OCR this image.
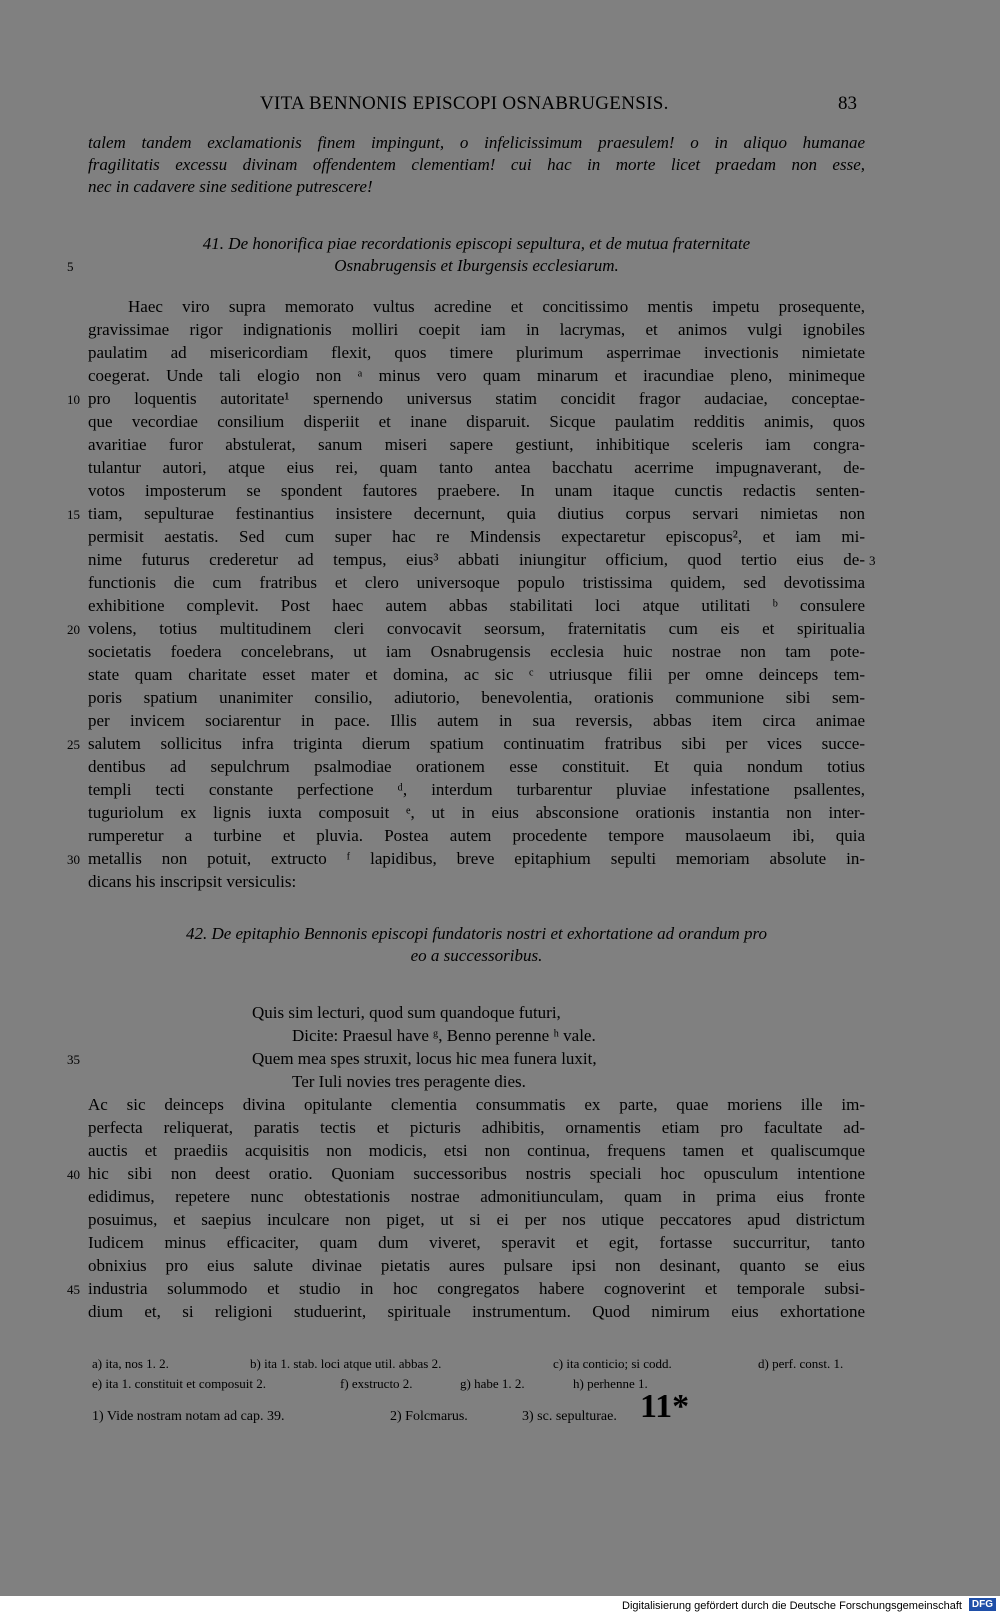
VITA BENNONIS EPISCOPI OSNABRUGENSIS.	83
talem tandem exclamationis finem impingunt, o infelicissimum praesulem! o in aliquo humanae
fragilitatis excessu divinam offendentem clementiam! cui hac in morte licet praedam non esse,
nec in cadavere sine seditione putrescere!
41. De honorifica piae recordationis episcopi sepultura, et de mutua fraternitate
Osnabrugensis et Iburgensis ecclesiarum.
5
Haec viro supra memorato vultus acredine et concitissimo mentis impetu prosequente,
gravissimae rigor indignationis molliri coepit iam in lacrymas, et animos vulgi ignobiles
paulatim ad misericordiam flexit, quos timere plurimum asperrimae invectionis nimietate
coegerat. Unde tali elogio non ᵃ minus vero quam minarum et iracundiae pleno, minimeque
pro loquentis autoritate¹ spernendo universus statim concidit fragor audaciae, conceptae-
10
que vecordiae consilium disperiit et inane disparuit. Sicque paulatim redditis animis, quos
avaritiae furor abstulerat, sanum miseri sapere gestiunt, inhibitique sceleris iam congra-
tulantur autori, atque eius rei, quam tanto antea bacchatu acerrime impugnaverant, de-
votos imposterum se spondent fautores praebere. In unam itaque cunctis redactis senten-
tiam, sepulturae festinantius insistere decernunt, quia diutius corpus servari nimietas non
15
permisit aestatis. Sed cum super hac re Mindensis expectaretur episcopus², et iam mi-
nime futurus crederetur ad tempus, eius³ abbati iniungitur officium, quod tertio eius de- 3
functionis die cum fratribus et clero universoque populo tristissima quidem, sed devotissima
exhibitione complevit. Post haec autem abbas stabilitati loci atque utilitati ᵇ consulere
volens, totius multitudinem cleri convocavit seorsum, fraternitatis cum eis et spiritualia
20
societatis foedera concelebrans, ut iam Osnabrugensis ecclesia huic nostrae non tam pote-
state quam charitate esset mater et domina, ac sic ᶜ utriusque filii per omne deinceps tem-
poris spatium unanimiter consilio, adiutorio, benevolentia, orationis communione sibi sem-
per invicem sociarentur in pace. Illis autem in sua reversis, abbas item circa animae
salutem sollicitus infra triginta dierum spatium continuatim fratribus sibi per vices succe-
25
dentibus ad sepulchrum psalmodiae orationem esse constituit. Et quia nondum totius
templi tecti constante perfectione ᵈ, interdum turbarentur pluviae infestatione psallentes,
tuguriolum ex lignis iuxta composuit ᵉ, ut in eius absconsione orationis instantia non inter-
rumperetur a turbine et pluvia. Postea autem procedente tempore mausolaeum ibi, quia
metallis non potuit, extructo ᶠ lapidibus, breve epitaphium sepulti memoriam absolute in-
30
dicans his inscripsit versiculis:
42. De epitaphio Bennonis episcopi fundatoris nostri et exhortatione ad orandum pro
eo a successoribus.
Quis sim lecturi, quod sum quandoque futuri,
Dicite: Praesul have ᵍ, Benno perenne ʰ vale.
Quem mea spes struxit, locus hic mea funera luxit,
35
Ter Iuli novies tres peragente dies.
Ac sic deinceps divina opitulante clementia consummatis ex parte, quae moriens ille im-
perfecta reliquerat, paratis tectis et picturis adhibitis, ornamentis etiam pro facultate ad-
auctis et praediis acquisitis non modicis, etsi non continua, frequens tamen et qualiscumque
hic sibi non deest oratio. Quoniam successoribus nostris speciali hoc opusculum intentione
40
edidimus, repetere nunc obtestationis nostrae admonitiunculam, quam in prima eius fronte
posuimus, et saepius inculcare non piget, ut si ei per nos utique peccatores apud districtum
Iudicem minus efficaciter, quam dum viveret, speravit et egit, fortasse succurritur, tanto
obnixius pro eius salute divinae pietatis aures pulsare ipsi non desinant, quanto se eius
industria solummodo et studio in hoc congregatos habere cognoverint et temporale subsi-
45
dium et, si religioni studuerint, spirituale instrumentum. Quod nimirum eius exhortatione
a) ita, nos 1. 2.	b) ita 1. stab. loci atque util. abbas 2.	c) ita conticio; si codd.	d) perf. const. 1.
e) ita 1. constituit et composuit 2.	f) exstructo 2.	g) habe 1. 2.	h) perhenne 1.
1) Vide nostram notam ad cap. 39.	2) Folcmarus.	3) sc. sepulturae. 11*
Digitalisierung gefördert durch die Deutsche Forschungsgemeinschaft DFG
